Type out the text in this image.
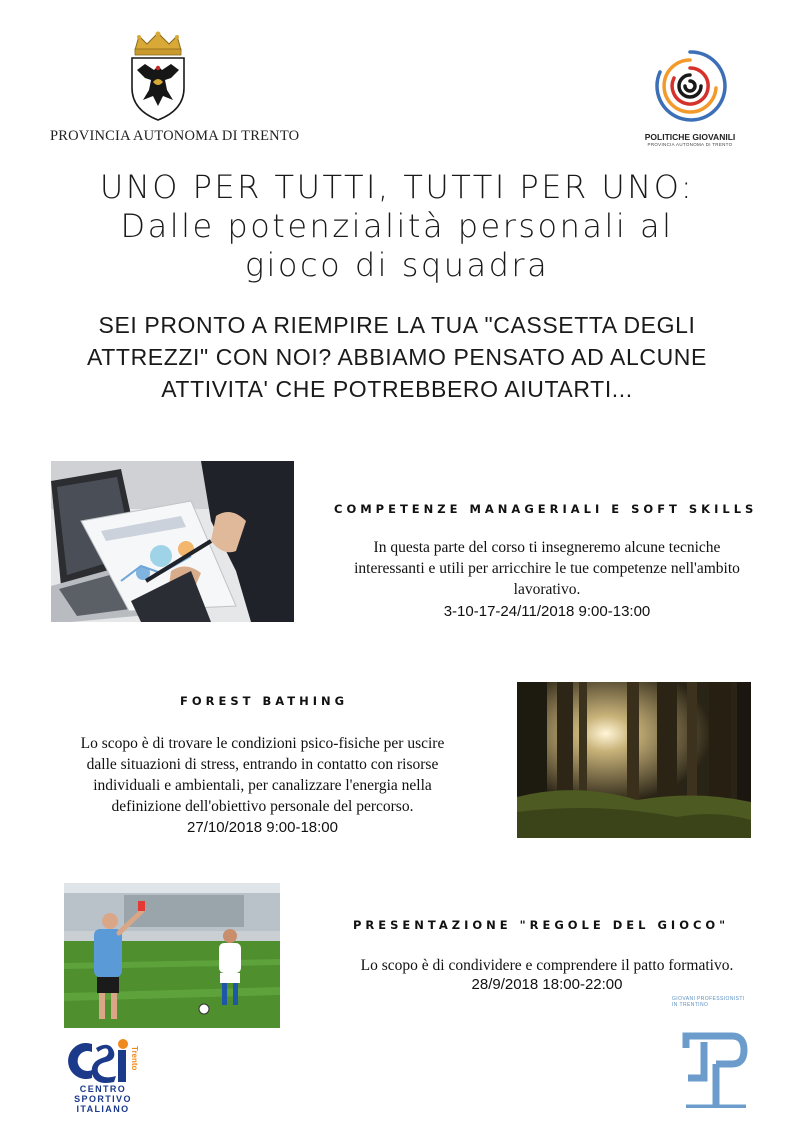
PROVINCIA AUTONOMA DI TRENTO	POLITICHE GIOVANILI
PROVINCIA AUTONOMA DI TRENTO
UNO PER TUTTI, TUTTI PER UNO:
Dalle potenzialità personali al
gioco di squadra
SEI PRONTO A RIEMPIRE LA TUA "CASSETTA DEGLI
ATTREZZI" CON NOI? ABBIAMO PENSATO AD ALCUNE
ATTIVITA' CHE POTREBBERO AIUTARTI...
COMPETENZE MANAGERIALI E SOFT SKILLS
In questa parte del corso ti insegneremo alcune tecniche
interessanti e utili per arricchire le tue competenze nell'ambito
lavorativo.
3-10-17-24/11/2018 9:00-13:00
FOREST BATHING
Lo scopo è di trovare le condizioni psico-fisiche per uscire
dalle situazioni di stress, entrando in contatto con risorse
individuali e ambientali, per canalizzare l'energia nella
definizione dell'obiettivo personale del percorso.
27/10/2018 9:00-18:00
PRESENTAZIONE "REGOLE DEL GIOCO"
Lo scopo è di condividere e comprendere il patto formativo.
28/9/2018 18:00-22:00
Trento
CENTRO
SPORTIVO
ITALIANO
GIOVANI PROFESSIONISTI
IN TRENTINO
